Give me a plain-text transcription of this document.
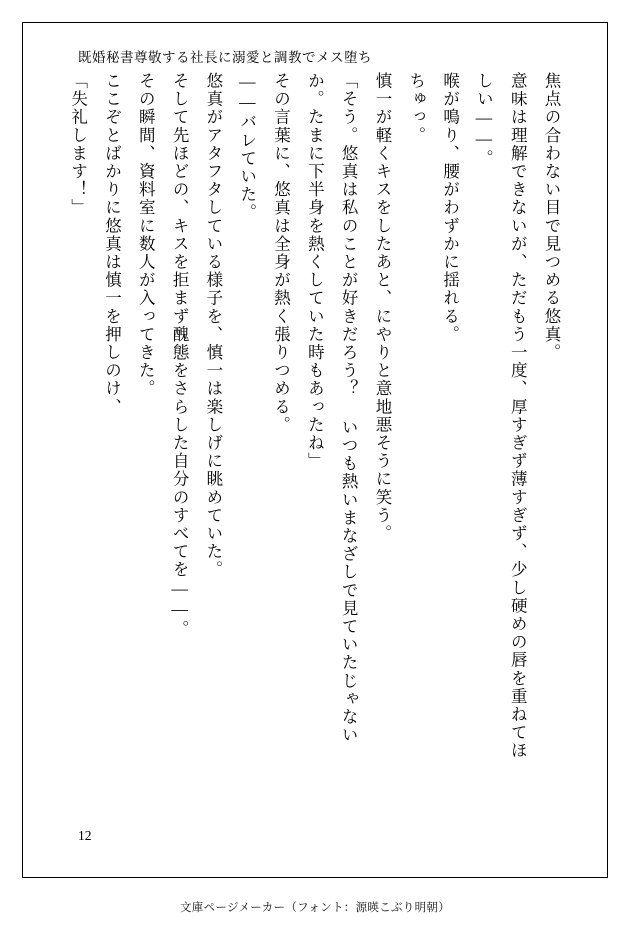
既婚秘書尊敬する社長に溺愛と調教でメス堕ち

焦点の合わない目で見つめる悠真。

意味は理解できないが、ただもう一度、厚すぎず薄すぎず、少し硬めの唇を重ねてほしい――。

喉が鳴り、腰がわずかに揺れる。

ちゅっ。

慎一が軽くキスをしたあと、にやりと意地悪そうに笑う。

「そう。悠真は私のことが好きだろう？ いつも熱いまなざしで見ていたじゃないか。たまに下半身を熱くしていた時もあったね」

その言葉に、悠真は全身が熱く張りつめる。

――バレていた。

悠真がアタフタしている様子を、慎一は楽しげに眺めていた。

そして先ほどの、キスを拒まず醜態をさらした自分のすべてを――。

その瞬間、資料室に数人が入ってきた。

ここぞとばかりに悠真は慎一を押しのけ、

「失礼します！」

12
文庫ページメーカー（フォント：源暎こぶり明朝）
